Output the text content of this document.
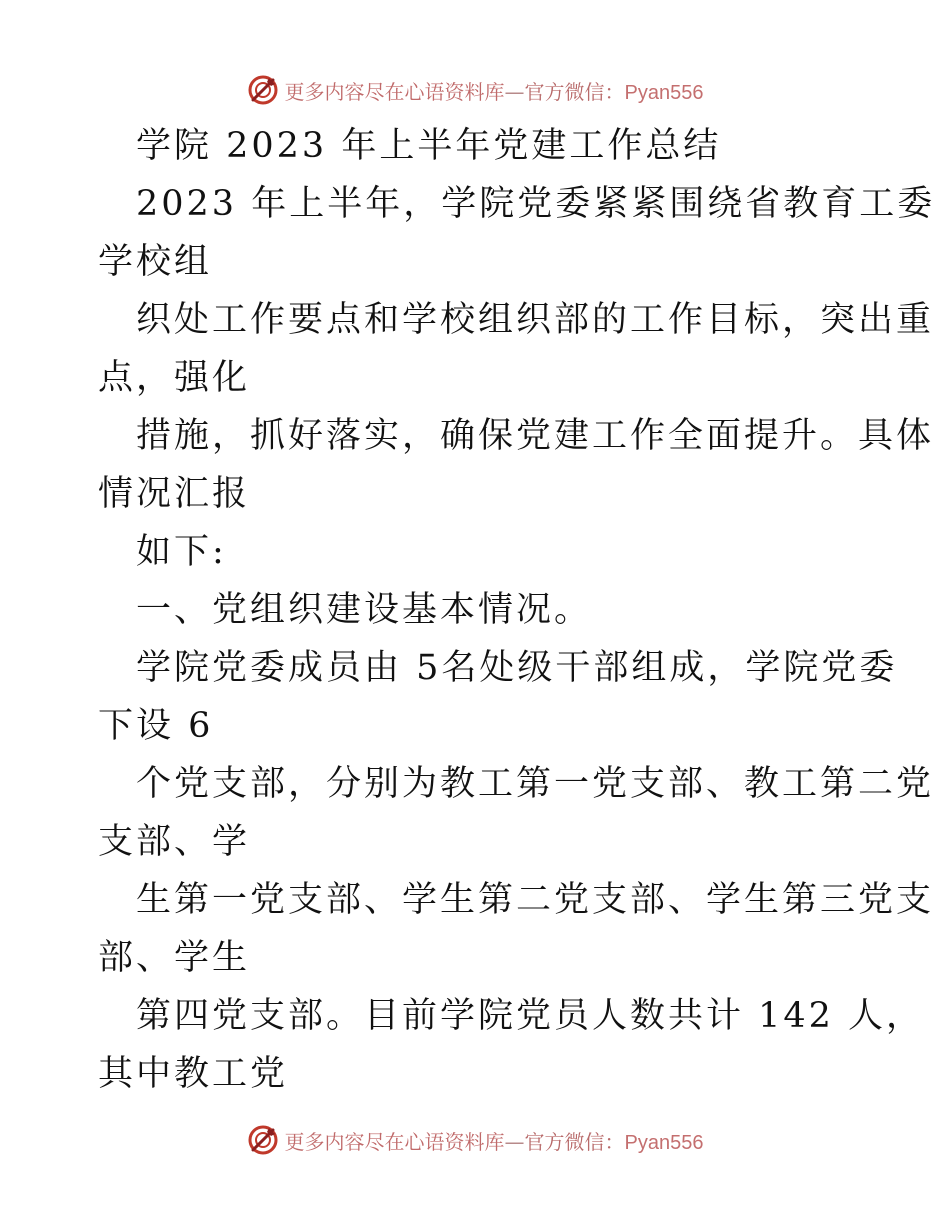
更多内容尽在心语资料库—官方微信：Pyan556
学院 2023 年上半年党建工作总结
2023 年上半年，学院党委紧紧围绕省教育工委
学校组
织处工作要点和学校组织部的工作目标，突出重
点，强化
措施，抓好落实，确保党建工作全面提升。具体
情况汇报
如下:
一、党组织建设基本情况。
学院党委成员由 5名处级干部组成，学院党委
下设 6
个党支部，分别为教工第一党支部、教工第二党
支部、学
生第一党支部、学生第二党支部、学生第三党支
部、学生
第四党支部。目前学院党员人数共计 142 人，
其中教工党
更多内容尽在心语资料库—官方微信：Pyan556
